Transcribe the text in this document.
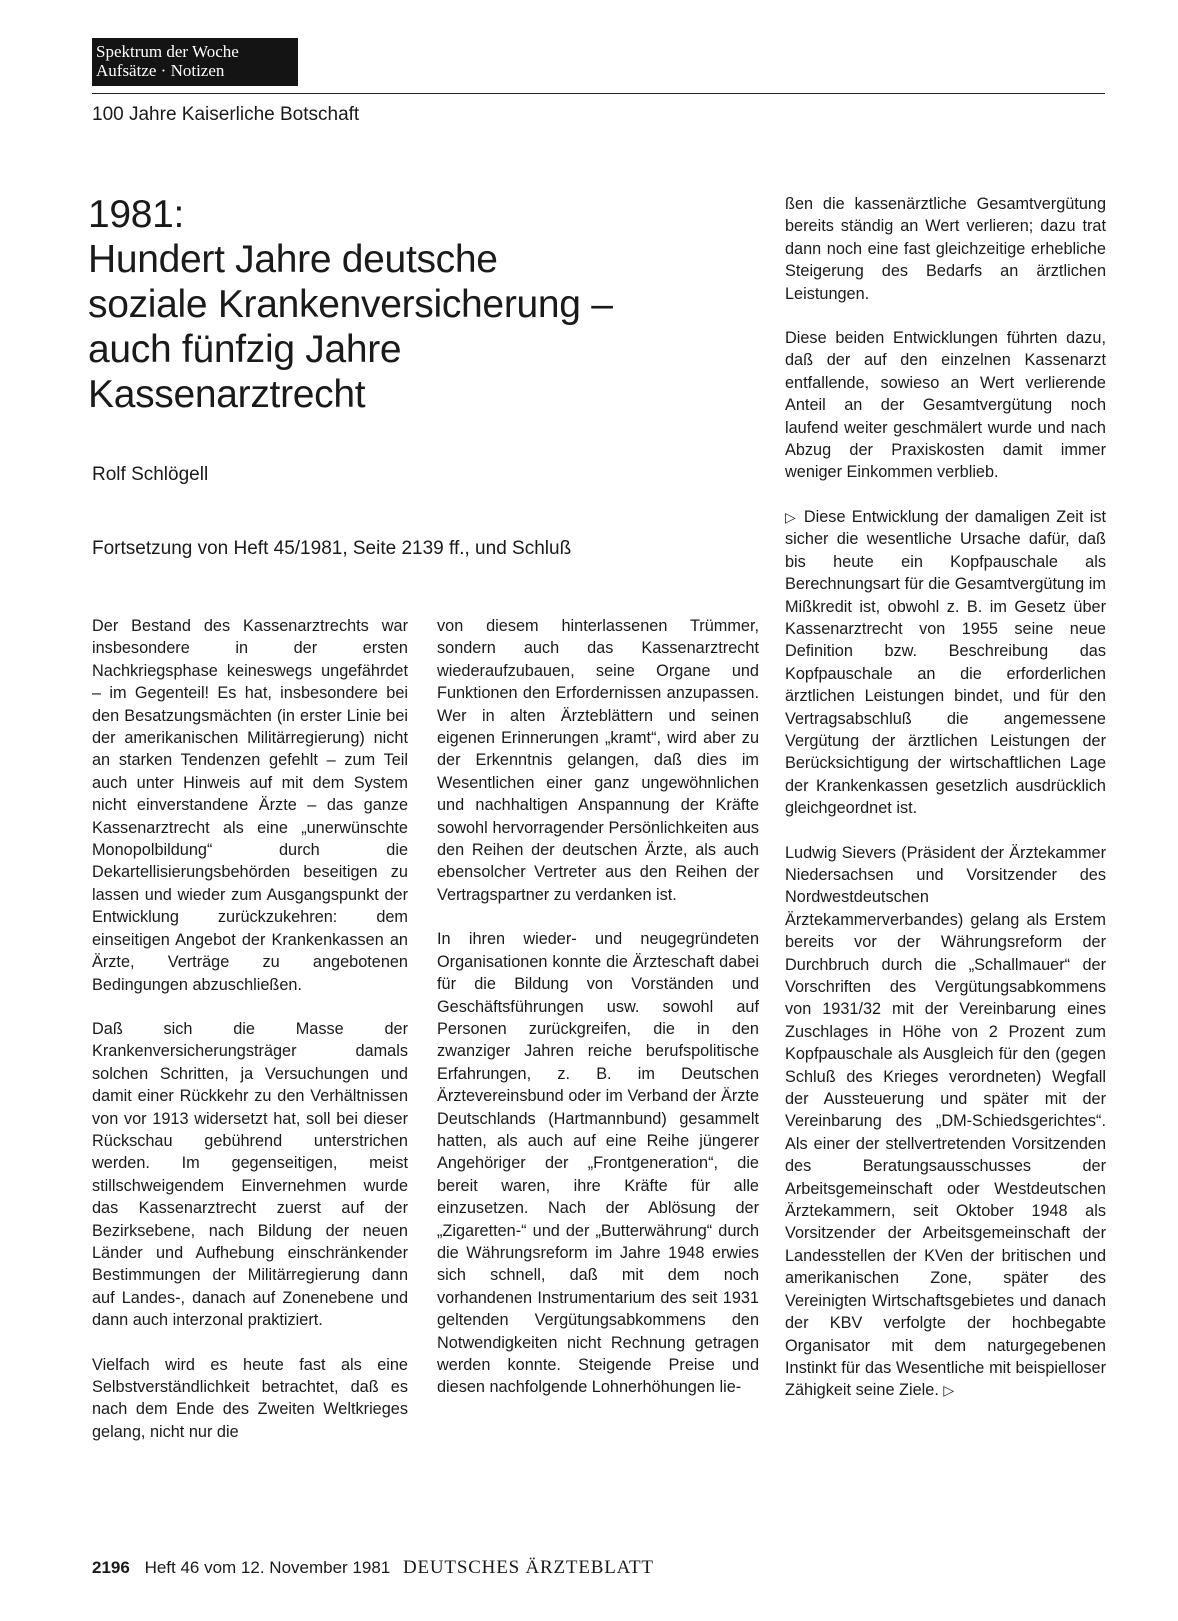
Spektrum der Woche
Aufsätze · Notizen
100 Jahre Kaiserliche Botschaft
1981:
Hundert Jahre deutsche
soziale Krankenversicherung –
auch fünfzig Jahre
Kassenarztrecht
Rolf Schlögell
Fortsetzung von Heft 45/1981, Seite 2139 ff., und Schluß

Der Bestand des Kassenarztrechts war insbesondere in der ersten Nachkriegsphase keineswegs ungefährdet – im Gegenteil! Es hat, insbesondere bei den Besatzungsmächten (in erster Linie bei der amerikanischen Militärregierung) nicht an starken Tendenzen gefehlt – zum Teil auch unter Hinweis auf mit dem System nicht einverstandene Ärzte – das ganze Kassenarztrecht als eine „unerwünschte Monopolbildung“ durch die Dekartellisierungsbehörden beseitigen zu lassen und wieder zum Ausgangspunkt der Entwicklung zurückzukehren: dem einseitigen Angebot der Krankenkassen an Ärzte, Verträge zu angebotenen Bedingungen abzuschließen.

Daß sich die Masse der Krankenversicherungsträger damals solchen Schritten, ja Versuchungen und damit einer Rückkehr zu den Verhältnissen von vor 1913 widersetzt hat, soll bei dieser Rückschau gebührend unterstrichen werden. Im gegenseitigen, meist stillschweigendem Einvernehmen wurde das Kassenarztrecht zuerst auf der Bezirksebene, nach Bildung der neuen Länder und Aufhebung einschränkender Bestimmungen der Militärregierung dann auf Landes-, danach auf Zonenebene und dann auch interzonal praktiziert.

Vielfach wird es heute fast als eine Selbstverständlichkeit betrachtet, daß es nach dem Ende des Zweiten Weltkrieges gelang, nicht nur die

von diesem hinterlassenen Trümmer, sondern auch das Kassenarztrecht wiederaufzubauen, seine Organe und Funktionen den Erfordernissen anzupassen. Wer in alten Ärzteblättern und seinen eigenen Erinnerungen „kramt“, wird aber zu der Erkenntnis gelangen, daß dies im Wesentlichen einer ganz ungewöhnlichen und nachhaltigen Anspannung der Kräfte sowohl hervorragender Persönlichkeiten aus den Reihen der deutschen Ärzte, als auch ebensolcher Vertreter aus den Reihen der Vertragspartner zu verdanken ist.

In ihren wieder- und neugegründeten Organisationen konnte die Ärzteschaft dabei für die Bildung von Vorständen und Geschäftsführungen usw. sowohl auf Personen zurückgreifen, die in den zwanziger Jahren reiche berufspolitische Erfahrungen, z. B. im Deutschen Ärztevereinsbund oder im Verband der Ärzte Deutschlands (Hartmannbund) gesammelt hatten, als auch auf eine Reihe jüngerer Angehöriger der „Frontgeneration“, die bereit waren, ihre Kräfte für alle einzusetzen. Nach der Ablösung der „Zigaretten-“ und der „Butterwährung“ durch die Währungsreform im Jahre 1948 erwies sich schnell, daß mit dem noch vorhandenen Instrumentarium des seit 1931 geltenden Vergütungsabkommens den Notwendigkeiten nicht Rechnung getragen werden konnte. Steigende Preise und diesen nachfolgende Lohnerhöhungen lie-

ßen die kassenärztliche Gesamtvergütung bereits ständig an Wert verlieren; dazu trat dann noch eine fast gleichzeitige erhebliche Steigerung des Bedarfs an ärztlichen Leistungen.

Diese beiden Entwicklungen führten dazu, daß der auf den einzelnen Kassenarzt entfallende, sowieso an Wert verlierende Anteil an der Gesamtvergütung noch laufend weiter geschmälert wurde und nach Abzug der Praxiskosten damit immer weniger Einkommen verblieb.

▷ Diese Entwicklung der damaligen Zeit ist sicher die wesentliche Ursache dafür, daß bis heute ein Kopfpauschale als Berechnungsart für die Gesamtvergütung im Mißkredit ist, obwohl z. B. im Gesetz über Kassenarztrecht von 1955 seine neue Definition bzw. Beschreibung das Kopfpauschale an die erforderlichen ärztlichen Leistungen bindet, und für den Vertragsabschluß die angemessene Vergütung der ärztlichen Leistungen der Berücksichtigung der wirtschaftlichen Lage der Krankenkassen gesetzlich ausdrücklich gleichgeordnet ist.

Ludwig Sievers (Präsident der Ärztekammer Niedersachsen und Vorsitzender des Nordwestdeutschen Ärztekammerverbandes) gelang als Erstem bereits vor der Währungsreform der Durchbruch durch die „Schallmauer“ der Vorschriften des Vergütungsabkommens von 1931/32 mit der Vereinbarung eines Zuschlages in Höhe von 2 Prozent zum Kopfpauschale als Ausgleich für den (gegen Schluß des Krieges verordneten) Wegfall der Aussteuerung und später mit der Vereinbarung des „DM-Schiedsgerichtes“. Als einer der stellvertretenden Vorsitzenden des Beratungsausschusses der Arbeitsgemeinschaft oder Westdeutschen Ärztekammern, seit Oktober 1948 als Vorsitzender der Arbeitsgemeinschaft der Landesstellen der KVen der britischen und amerikanischen Zone, später des Vereinigten Wirtschaftsgebietes und danach der KBV verfolgte der hochbegabte Organisator mit dem naturgegebenen Instinkt für das Wesentliche mit beispielloser Zähigkeit seine Ziele. ▷

2196 Heft 46 vom 12. November 1981 DEUTSCHES ÄRZTEBLATT
